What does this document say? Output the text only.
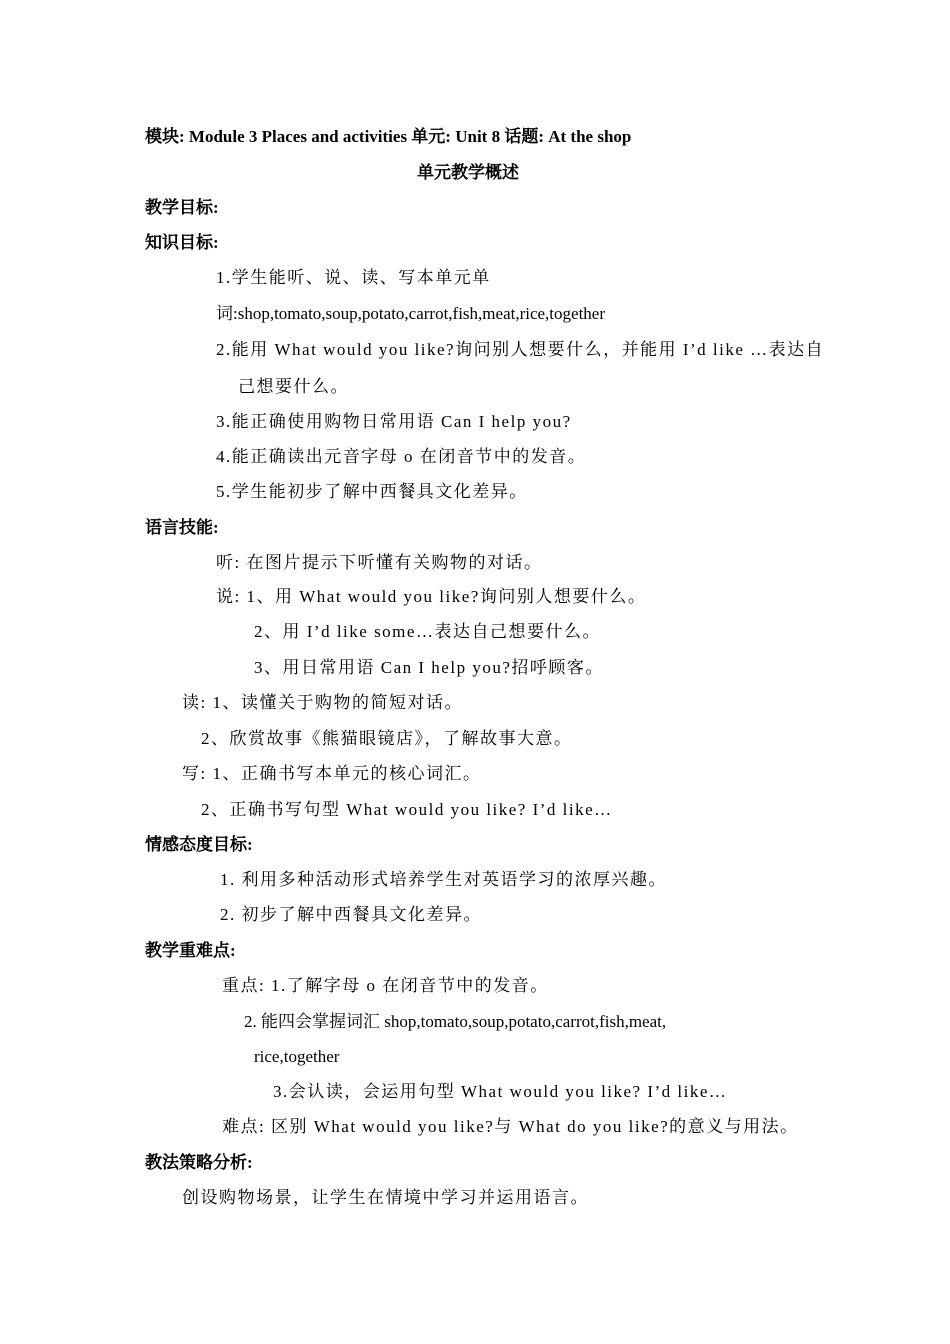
模块: Module 3 Places and activities 单元: Unit 8 话题: At the shop
单元教学概述
教学目标:
知识目标:
1.学生能听、说、读、写本单元单
词:shop,tomato,soup,potato,carrot,fish,meat,rice,together
2.能用 What would you like?询问别人想要什么，并能用 I’d like …表达自
己想要什么。
3.能正确使用购物日常用语 Can I help you?
4.能正确读出元音字母 o 在闭音节中的发音。
5.学生能初步了解中西餐具文化差异。
语言技能:
听: 在图片提示下听懂有关购物的对话。
说: 1、用 What would you like?询问别人想要什么。
2、用 I’d like some…表达自己想要什么。
3、用日常用语 Can I help you?招呼顾客。
读: 1、读懂关于购物的简短对话。
2、欣赏故事《熊猫眼镜店》，了解故事大意。
写: 1、正确书写本单元的核心词汇。
2、正确书写句型 What would you like? I’d like…
情感态度目标:
1. 利用多种活动形式培养学生对英语学习的浓厚兴趣。
2. 初步了解中西餐具文化差异。
教学重难点:
重点: 1.了解字母 o 在闭音节中的发音。
2. 能四会掌握词汇 shop,tomato,soup,potato,carrot,fish,meat,
rice,together
3.会认读，会运用句型 What would you like? I’d like…
难点: 区别 What would you like?与 What do you like?的意义与用法。
教法策略分析:
创设购物场景，让学生在情境中学习并运用语言。
